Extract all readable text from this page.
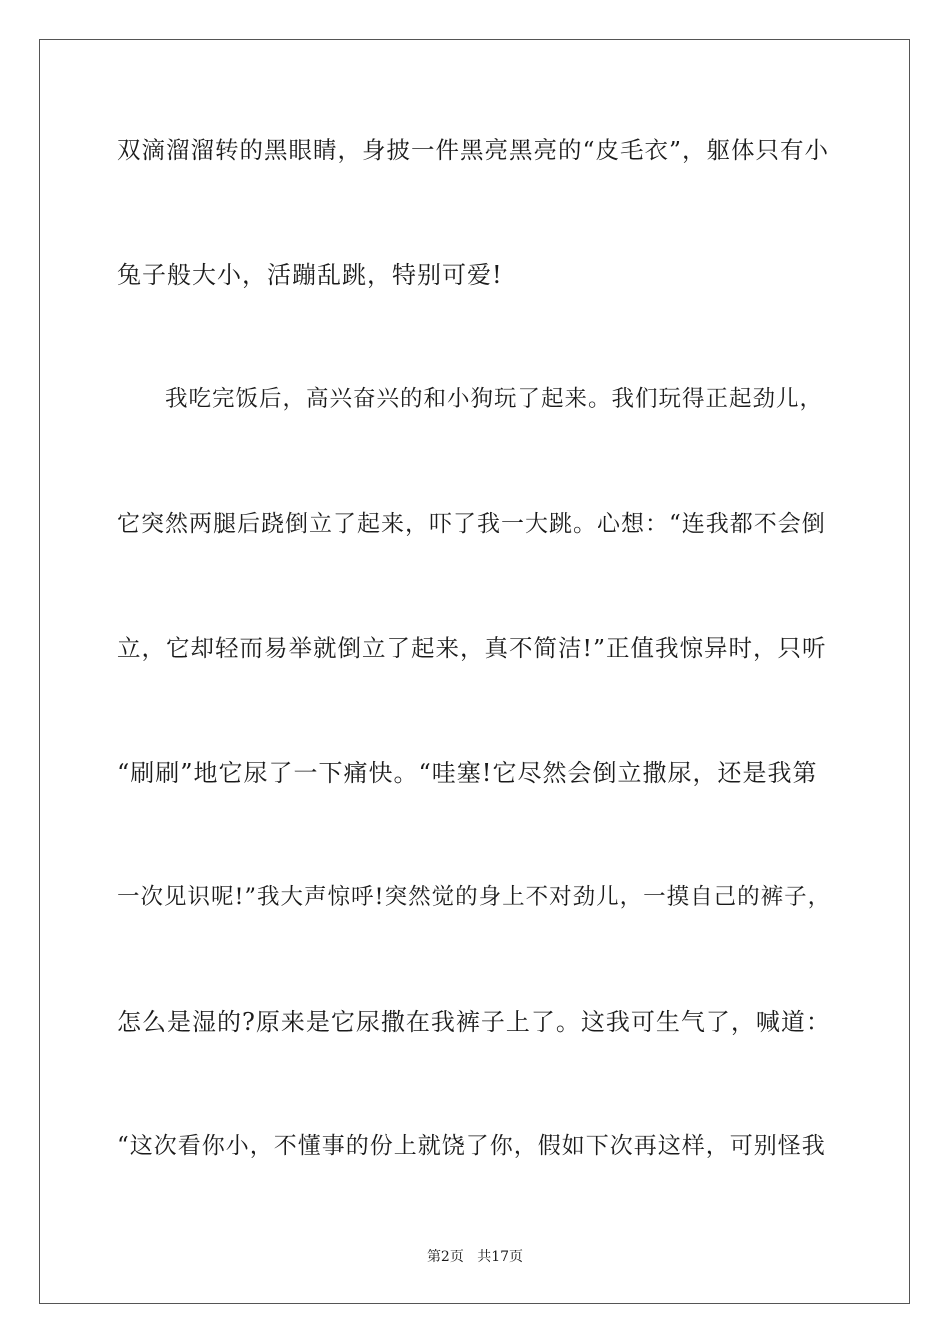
双滴溜溜转的黑眼睛，身披一件黑亮黑亮的“皮毛衣”，躯体只有小
兔子般大小，活蹦乱跳，特别可爱!
我吃完饭后，高兴奋兴的和小狗玩了起来。我们玩得正起劲儿，
它突然两腿后跷倒立了起来，吓了我一大跳。心想：“连我都不会倒
立，它却轻而易举就倒立了起来，真不简洁!”正值我惊异时，只听
“刷刷”地它尿了一下痛快。“哇塞!它尽然会倒立撒尿，还是我第
一次见识呢!”我大声惊呼!突然觉的身上不对劲儿，一摸自己的裤子，
怎么是湿的?原来是它尿撒在我裤子上了。这我可生气了，喊道：
“这次看你小，不懂事的份上就饶了你，假如下次再这样，可别怪我
第2页 共17页
